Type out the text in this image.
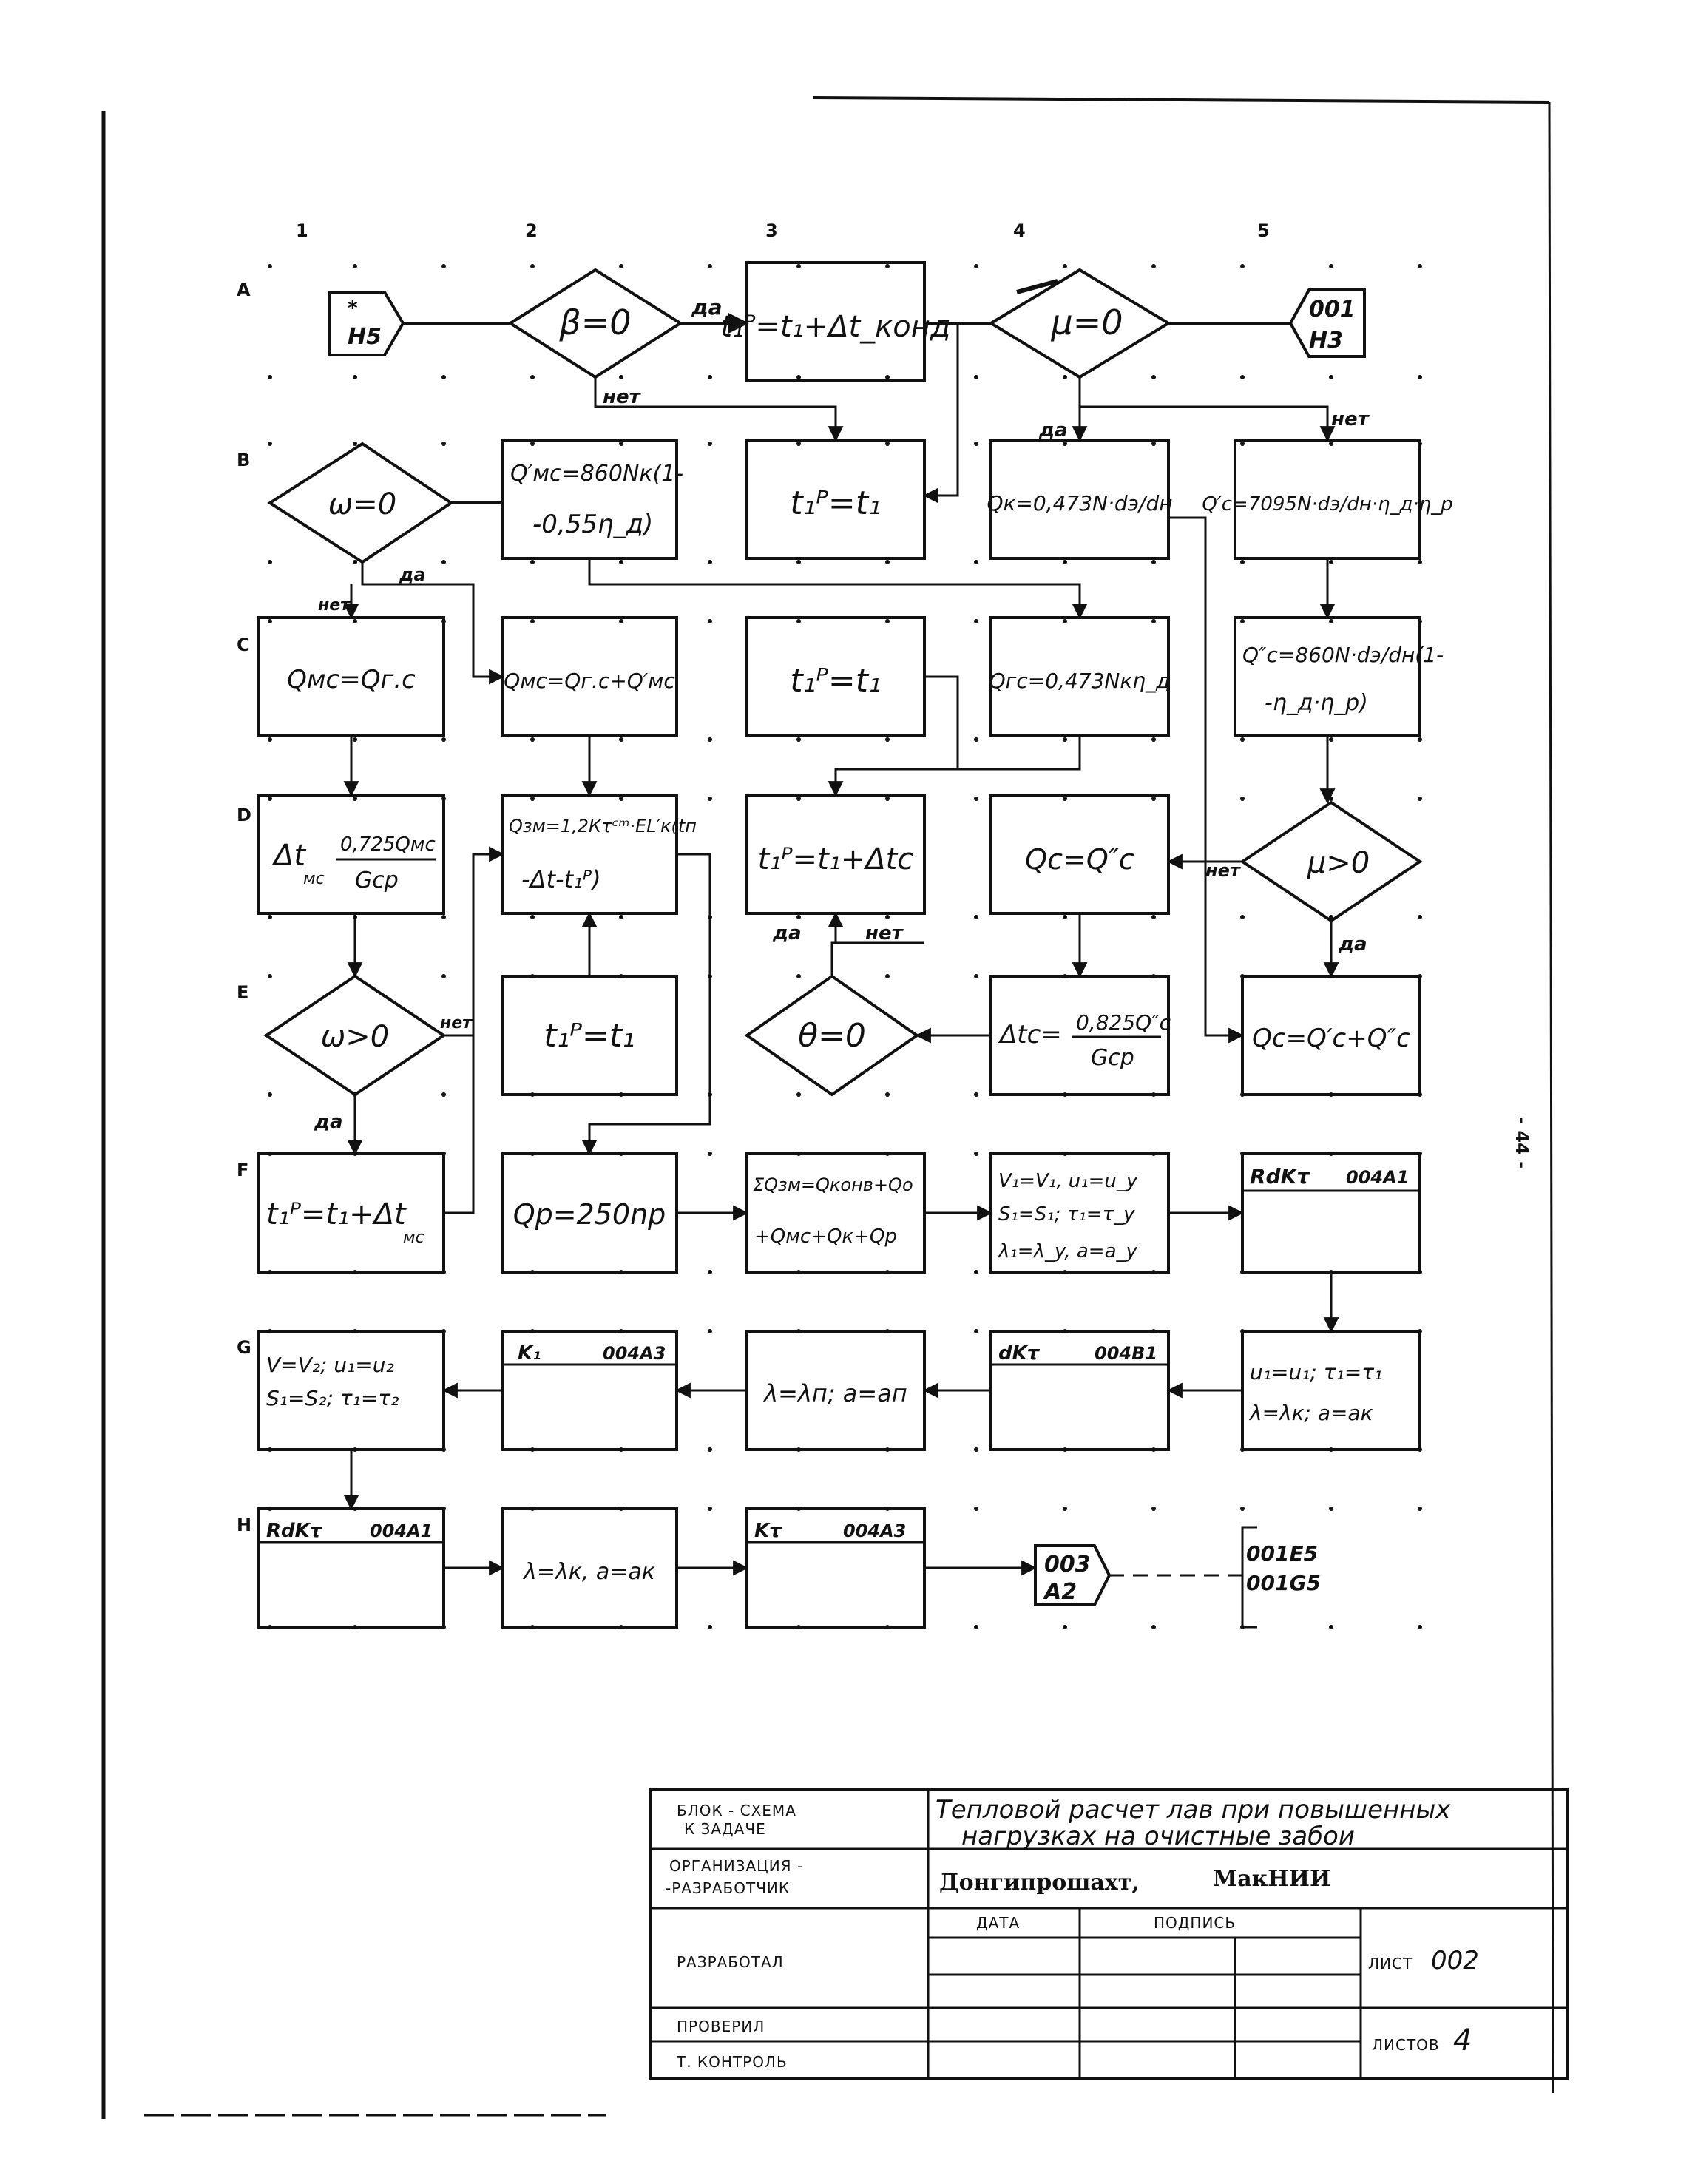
- 44 -
1	2	3	4	5
A
B
C
D
E
F
G
H
*
H5	β=0	да
t₁ᴾ=t₁+Δt_конд	μ=0	001
H3
ω=0
Q′мс=860Nк(1-
-0,55η_д)
t₁ᴾ=t₁	Qк=0,473N·dэ/dн Q′с=7095N·dэ/dн·η_д·η_р
Qмс=Qг.с	Qмс=Qг.с+Q′мс	t₁ᴾ=t₁	Qгс=0,473Nкη_д
Q″с=860N·dэ/dн(1-
-η_д·η_р)
Δt
мс
0,725Qмс
Gcp
Qзм=1,2Кτᶜᵐ·ЕL′к(tп
-Δt-t₁ᴾ)
t₁ᴾ=t₁+Δtс	Qс=Q″с	μ>0
ω>0	t₁ᴾ=t₁	θ=0	Δtс= 0,825Q″с
Gcp
Qс=Q′с+Q″с
t₁ᴾ=t₁+Δt
мс
Qр=250nр
ΣQзм=Qконв+Qо
+Qмс+Qк+Qр
V₁=V₁, u₁=u_y
S₁=S₁; τ₁=τ_y
λ₁=λ_y, a=a_y
RdKτ 004A1
V=V₂; u₁=u₂
S₁=S₂; τ₁=τ₂
K₁	004A3
λ=λп; a=aп
dKτ	004B1
u₁=u₁; τ₁=τ₁
λ=λк; a=aк
RdKτ	004A1
λ=λк, a=aк
Kτ	004A3
003
A2
001E5
001G5
нет
да	нет
да
нет
да	нет
нет
да
нет
да
БЛОК - СХЕМА
К ЗАДАЧЕ
Тепловой расчет лав при повышенных
нагрузках на очистные забои
ОРГАНИЗАЦИЯ -
-РАЗРАБОТЧИК	Донгипрошахт,	МакНИИ
РАЗРАБОТАЛ
ДАТА	ПОДПИСЬ
ЛИСТ 002
ПРОВЕРИЛ
Т. КОНТРОЛЬ
ЛИСТОВ 4
